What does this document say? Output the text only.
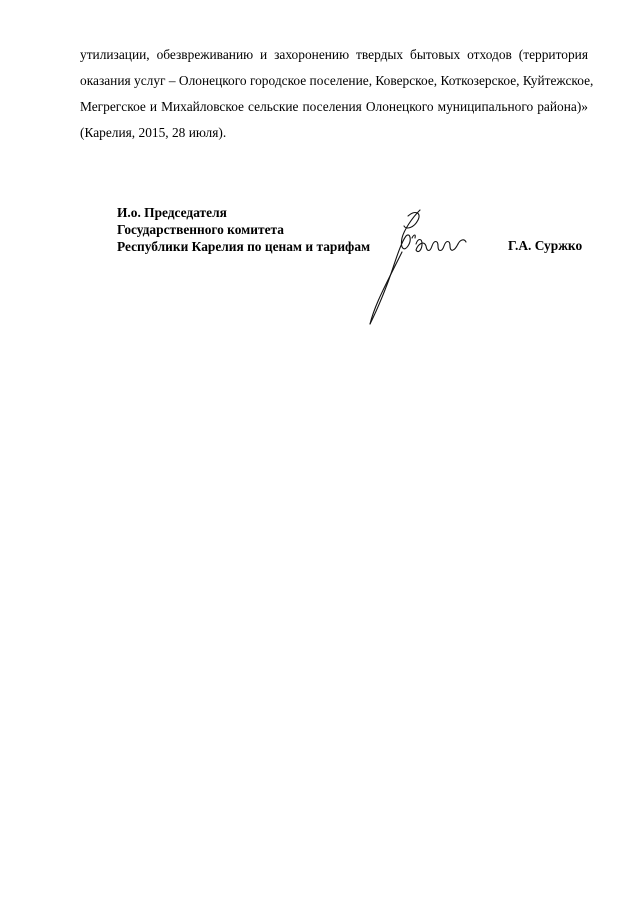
утилизации, обезвреживанию и захоронению твердых бытовых отходов (территория
оказания услуг – Олонецкого городское поселение, Коверское, Коткозерское, Куйтежское,
Мегрегское и Михайловское сельские поселения Олонецкого муниципального района)»
(Карелия, 2015, 28 июля).
И.о. Председателя
Государственного комитета
Республики Карелия по ценам и тарифам	Г.А. Суржко
